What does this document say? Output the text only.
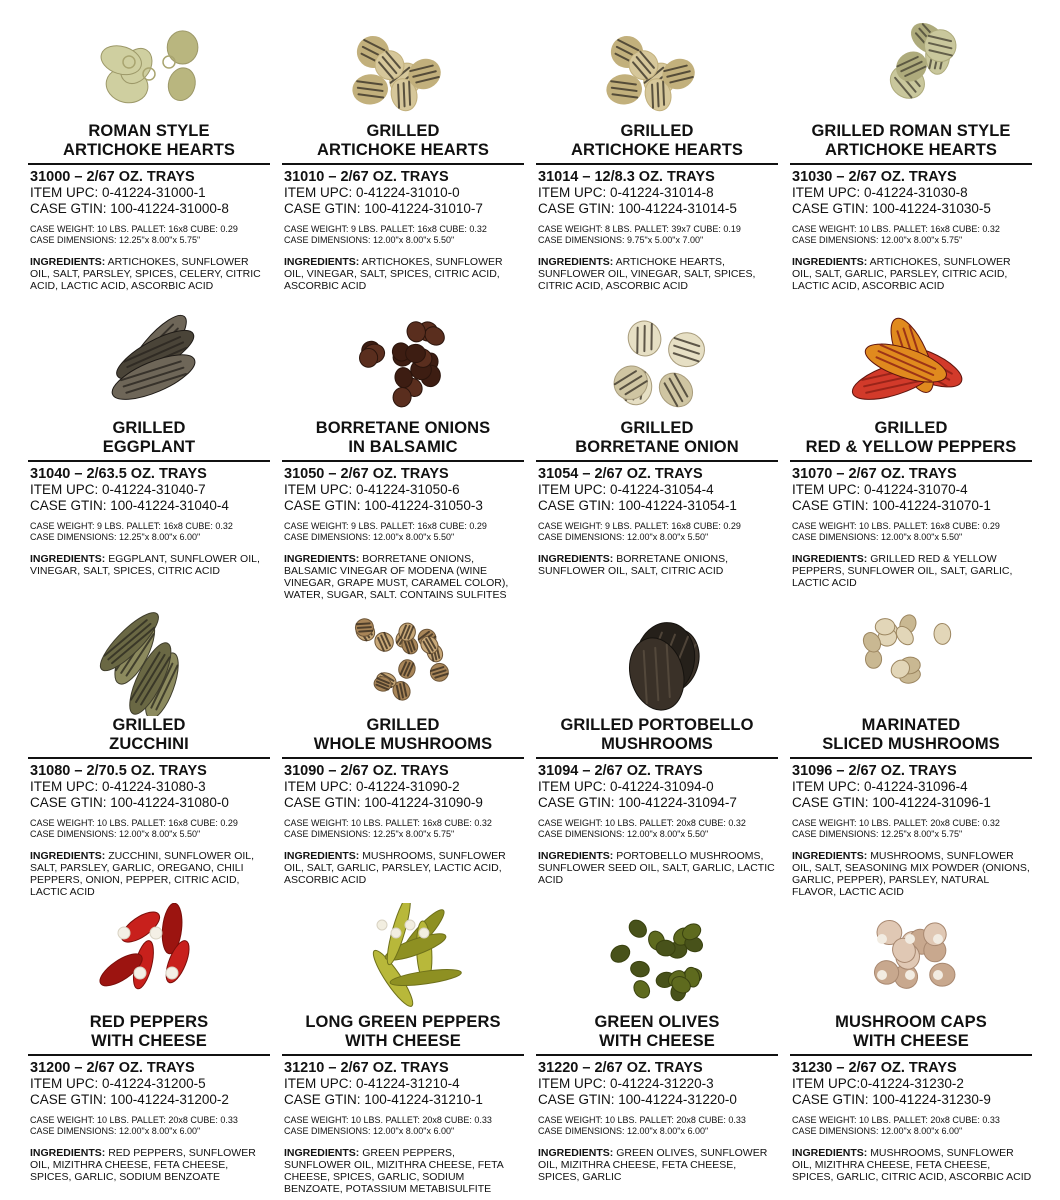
ROMAN STYLE
ARTICHOKE HEARTS
31000 – 2/67 OZ. TRAYS
ITEM UPC: 0-41224-31000-1
CASE GTIN: 100-41224-31000-8
CASE WEIGHT: 10 LBS. PALLET: 16x8 CUBE: 0.29
CASE DIMENSIONS: 12.25"x 8.00"x 5.75"
INGREDIENTS: ARTICHOKES, SUNFLOWER OIL, SALT, PARSLEY, SPICES, CELERY, CITRIC ACID, LACTIC ACID, ASCORBIC ACID
GRILLED
ARTICHOKE HEARTS
31010 – 2/67 OZ. TRAYS
ITEM UPC: 0-41224-31010-0
CASE GTIN: 100-41224-31010-7
CASE WEIGHT: 9 LBS. PALLET: 16x8 CUBE: 0.32
CASE DIMENSIONS: 12.00"x 8.00"x 5.50"
INGREDIENTS: ARTICHOKES, SUNFLOWER OIL, VINEGAR, SALT, SPICES, CITRIC ACID, ASCORBIC ACID
GRILLED
ARTICHOKE HEARTS
31014 – 12/8.3 OZ. TRAYS
ITEM UPC: 0-41224-31014-8
CASE GTIN: 100-41224-31014-5
CASE WEIGHT: 8 LBS. PALLET: 39x7 CUBE: 0.19
CASE DIMENSIONS: 9.75"x 5.00"x 7.00"
INGREDIENTS: ARTICHOKE HEARTS, SUNFLOWER OIL, VINEGAR, SALT, SPICES, CITRIC ACID, ASCORBIC ACID
GRILLED ROMAN STYLE
ARTICHOKE HEARTS
31030 – 2/67 OZ. TRAYS
ITEM UPC: 0-41224-31030-8
CASE GTIN: 100-41224-31030-5
CASE WEIGHT: 10 LBS. PALLET: 16x8 CUBE: 0.32
CASE DIMENSIONS: 12.00"x 8.00"x 5.75"
INGREDIENTS: ARTICHOKES, SUNFLOWER OIL, SALT, GARLIC, PARSLEY, CITRIC ACID, LACTIC ACID, ASCORBIC ACID
GRILLED
EGGPLANT
31040 – 2/63.5 OZ. TRAYS
ITEM UPC: 0-41224-31040-7
CASE GTIN: 100-41224-31040-4
CASE WEIGHT: 9 LBS. PALLET: 16x8 CUBE: 0.32
CASE DIMENSIONS: 12.25"x 8.00"x 6.00"
INGREDIENTS: EGGPLANT, SUNFLOWER OIL, VINEGAR, SALT, SPICES, CITRIC ACID
BORRETANE ONIONS
IN BALSAMIC
31050 – 2/67 OZ. TRAYS
ITEM UPC: 0-41224-31050-6
CASE GTIN: 100-41224-31050-3
CASE WEIGHT: 9 LBS. PALLET: 16x8 CUBE: 0.29
CASE DIMENSIONS: 12.00"x 8.00"x 5.50"
INGREDIENTS: BORRETANE ONIONS, BALSAMIC VINEGAR OF MODENA (WINE VINEGAR, GRAPE MUST, CARAMEL COLOR), WATER, SUGAR, SALT. CONTAINS SULFITES
GRILLED
BORRETANE ONION
31054 – 2/67 OZ. TRAYS
ITEM UPC: 0-41224-31054-4
CASE GTIN: 100-41224-31054-1
CASE WEIGHT: 9 LBS. PALLET: 16x8 CUBE: 0.29
CASE DIMENSIONS: 12.00"x 8.00"x 5.50"
INGREDIENTS: BORRETANE ONIONS, SUNFLOWER OIL, SALT, CITRIC ACID
GRILLED
RED & YELLOW PEPPERS
31070 – 2/67 OZ. TRAYS
ITEM UPC: 0-41224-31070-4
CASE GTIN: 100-41224-31070-1
CASE WEIGHT: 10 LBS. PALLET: 16x8 CUBE: 0.29
CASE DIMENSIONS: 12.00"x 8.00"x 5.50"
INGREDIENTS: GRILLED RED & YELLOW PEPPERS, SUNFLOWER OIL, SALT, GARLIC, LACTIC ACID
GRILLED
ZUCCHINI
31080 – 2/70.5 OZ. TRAYS
ITEM UPC: 0-41224-31080-3
CASE GTIN: 100-41224-31080-0
CASE WEIGHT: 10 LBS. PALLET: 16x8 CUBE: 0.29
CASE DIMENSIONS: 12.00"x 8.00"x 5.50"
INGREDIENTS: ZUCCHINI, SUNFLOWER OIL, SALT, PARSLEY, GARLIC, OREGANO, CHILI PEPPERS, ONION, PEPPER, CITRIC ACID, LACTIC ACID
GRILLED
WHOLE MUSHROOMS
31090 – 2/67 OZ. TRAYS
ITEM UPC: 0-41224-31090-2
CASE GTIN: 100-41224-31090-9
CASE WEIGHT: 10 LBS. PALLET: 16x8 CUBE: 0.32
CASE DIMENSIONS: 12.25"x 8.00"x 5.75"
INGREDIENTS: MUSHROOMS, SUNFLOWER OIL, SALT, GARLIC, PARSLEY, LACTIC ACID, ASCORBIC ACID
GRILLED PORTOBELLO
MUSHROOMS
31094 – 2/67 OZ. TRAYS
ITEM UPC: 0-41224-31094-0
CASE GTIN: 100-41224-31094-7
CASE WEIGHT: 10 LBS. PALLET: 20x8 CUBE: 0.32
CASE DIMENSIONS: 12.00"x 8.00"x 5.50"
INGREDIENTS: PORTOBELLO MUSHROOMS, SUNFLOWER SEED OIL, SALT, GARLIC, LACTIC ACID
MARINATED
SLICED MUSHROOMS
31096 – 2/67 OZ. TRAYS
ITEM UPC: 0-41224-31096-4
CASE GTIN: 100-41224-31096-1
CASE WEIGHT: 10 LBS. PALLET: 20x8 CUBE: 0.32
CASE DIMENSIONS: 12.25"x 8.00"x 5.75"
INGREDIENTS: MUSHROOMS, SUNFLOWER OIL, SALT, SEASONING MIX POWDER (ONIONS, GARLIC, PEPPER), PARSLEY, NATURAL FLAVOR, LACTIC ACID
RED PEPPERS
WITH CHEESE
31200 – 2/67 OZ. TRAYS
ITEM UPC: 0-41224-31200-5
CASE GTIN: 100-41224-31200-2
CASE WEIGHT: 10 LBS. PALLET: 20x8 CUBE: 0.33
CASE DIMENSIONS: 12.00"x 8.00"x 6.00"
INGREDIENTS: RED PEPPERS, SUNFLOWER OIL, MIZITHRA CHEESE, FETA CHEESE, SPICES, GARLIC, SODIUM BENZOATE
LONG GREEN PEPPERS
WITH CHEESE
31210 – 2/67 OZ. TRAYS
ITEM UPC: 0-41224-31210-4
CASE GTIN: 100-41224-31210-1
CASE WEIGHT: 10 LBS. PALLET: 20x8 CUBE: 0.33
CASE DIMENSIONS: 12.00"x 8.00"x 6.00"
INGREDIENTS: GREEN PEPPERS, SUNFLOWER OIL, MIZITHRA CHEESE, FETA CHEESE, SPICES, GARLIC, SODIUM BENZOATE, POTASSIUM METABISULFITE
GREEN OLIVES
WITH CHEESE
31220 – 2/67 OZ. TRAYS
ITEM UPC: 0-41224-31220-3
CASE GTIN: 100-41224-31220-0
CASE WEIGHT: 10 LBS. PALLET: 20x8 CUBE: 0.33
CASE DIMENSIONS: 12.00"x 8.00"x 6.00"
INGREDIENTS: GREEN OLIVES, SUNFLOWER OIL, MIZITHRA CHEESE, FETA CHEESE, SPICES, GARLIC
MUSHROOM CAPS
WITH CHEESE
31230 – 2/67 OZ. TRAYS
ITEM UPC:0-41224-31230-2
CASE GTIN: 100-41224-31230-9
CASE WEIGHT: 10 LBS. PALLET: 20x8 CUBE: 0.33
CASE DIMENSIONS: 12.00"x 8.00"x 6.00"
INGREDIENTS: MUSHROOMS, SUNFLOWER OIL, MIZITHRA CHEESE, FETA CHEESE, SPICES, GARLIC, CITRIC ACID, ASCORBIC ACID
